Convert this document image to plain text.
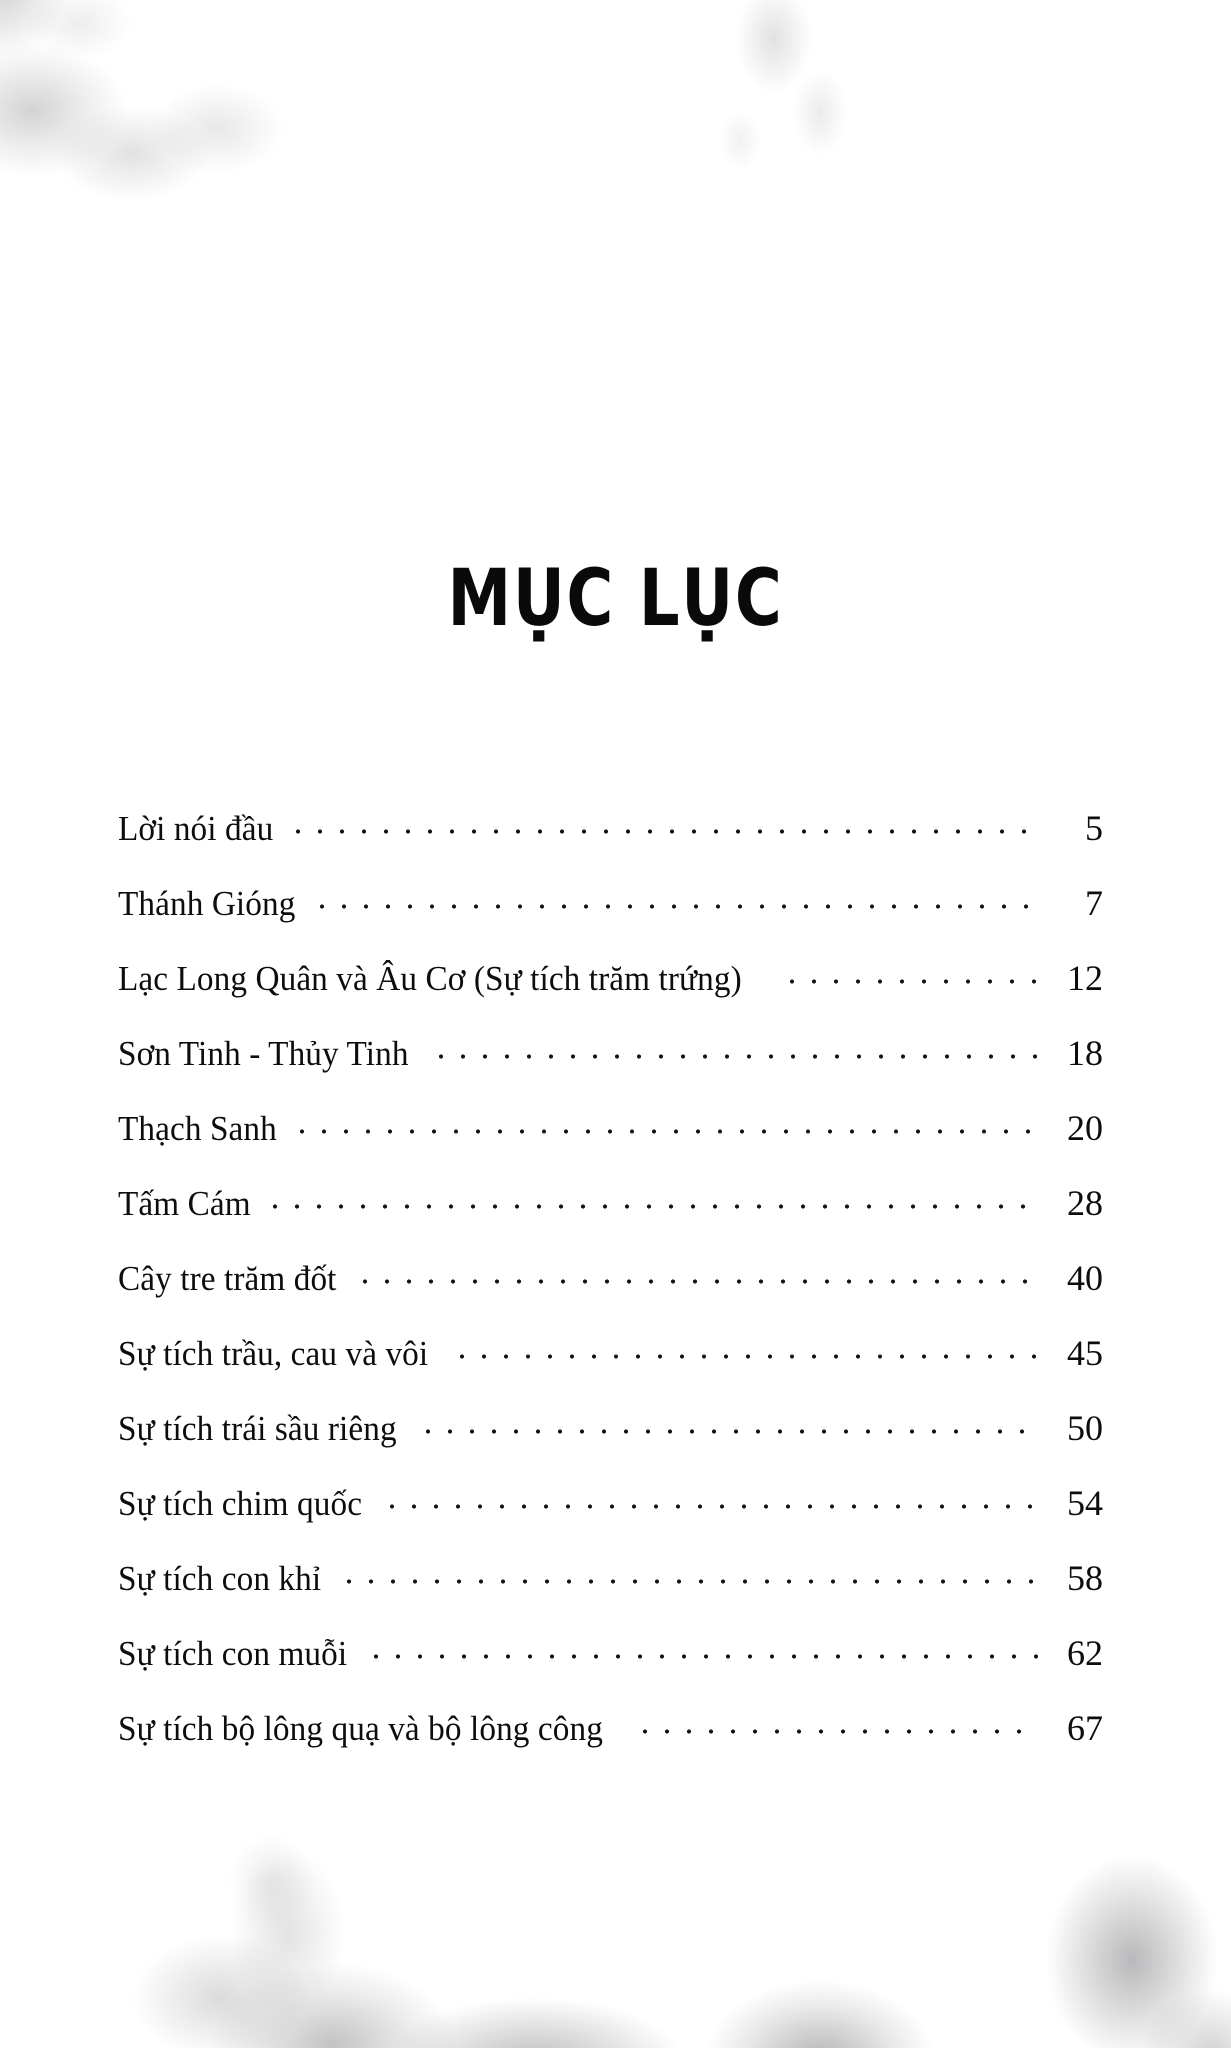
MỤC LỤC
Lời nói đầu	5
Thánh Gióng	7
Lạc Long Quân và Âu Cơ (Sự tích trăm trứng)	12
Sơn Tinh - Thủy Tinh	18
Thạch Sanh	20
Tấm Cám	28
Cây tre trăm đốt	40
Sự tích trầu, cau và vôi	45
Sự tích trái sầu riêng	50
Sự tích chim quốc	54
Sự tích con khỉ	58
Sự tích con muỗi	62
Sự tích bộ lông quạ và bộ lông công	67
